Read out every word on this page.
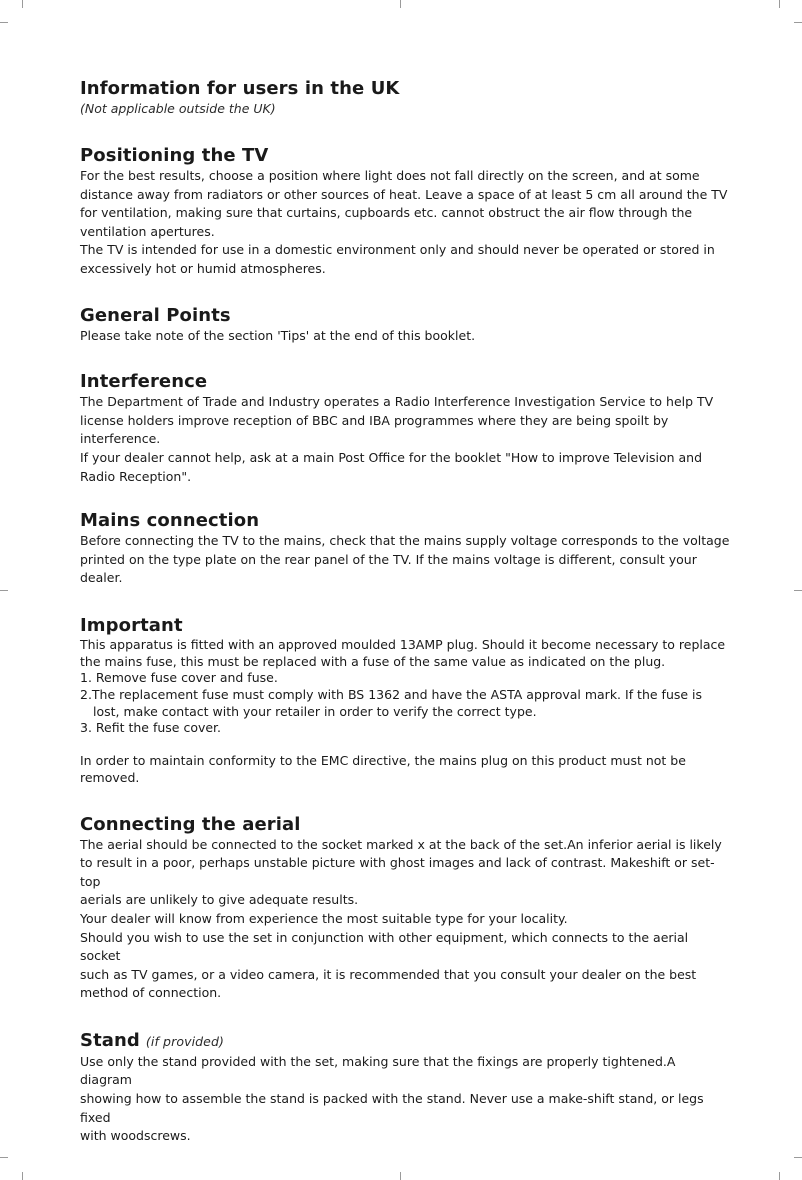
Information for users in the UK
(Not applicable outside the UK)
Positioning the TV

For the best results, choose a position where light does not fall directly on the screen, and at some

distance away from radiators or other sources of heat. Leave a space of at least 5 cm all around the TV

for ventilation, making sure that curtains, cupboards etc. cannot obstruct the air flow through the

ventilation apertures.

The TV is intended for use in a domestic environment only and should never be operated or stored in

excessively hot or humid atmospheres.

General Points

Please take note of the section 'Tips' at the end of this booklet.

Interference

The Department of Trade and Industry operates a Radio Interference Investigation Service to help TV

license holders improve reception of BBC and IBA programmes where they are being spoilt by

interference.

If your dealer cannot help, ask at a main Post Office for the booklet "How to improve Television and

Radio Reception".

Mains connection

Before connecting the TV to the mains, check that the mains supply voltage corresponds to the voltage

printed on the type plate on the rear panel of the TV. If the mains voltage is different, consult your dealer.

Important

This apparatus is fitted with an approved moulded 13AMP plug. Should it become necessary to replace

the mains fuse, this must be replaced with a fuse of the same value as indicated on the plug.

1. Remove fuse cover and fuse.

2.The replacement fuse must comply with BS 1362 and have the ASTA approval mark. If the fuse is

lost, make contact with your retailer in order to verify the correct type.

3. Refit the fuse cover.

In order to maintain conformity to the EMC directive, the mains plug on this product must not be

removed.

Connecting the aerial

The aerial should be connected to the socket marked x at the back of the set.An inferior aerial is likely

to result in a poor, perhaps unstable picture with ghost images and lack of contrast. Makeshift or set-top

aerials are unlikely to give adequate results.

Your dealer will know from experience the most suitable type for your locality.

Should you wish to use the set in conjunction with other equipment, which connects to the aerial socket

such as TV games, or a video camera, it is recommended that you consult your dealer on the best

method of connection.

Stand (if provided)

Use only the stand provided with the set, making sure that the fixings are properly tightened.A diagram

showing how to assemble the stand is packed with the stand. Never use a make-shift stand, or legs fixed

with woodscrews.
